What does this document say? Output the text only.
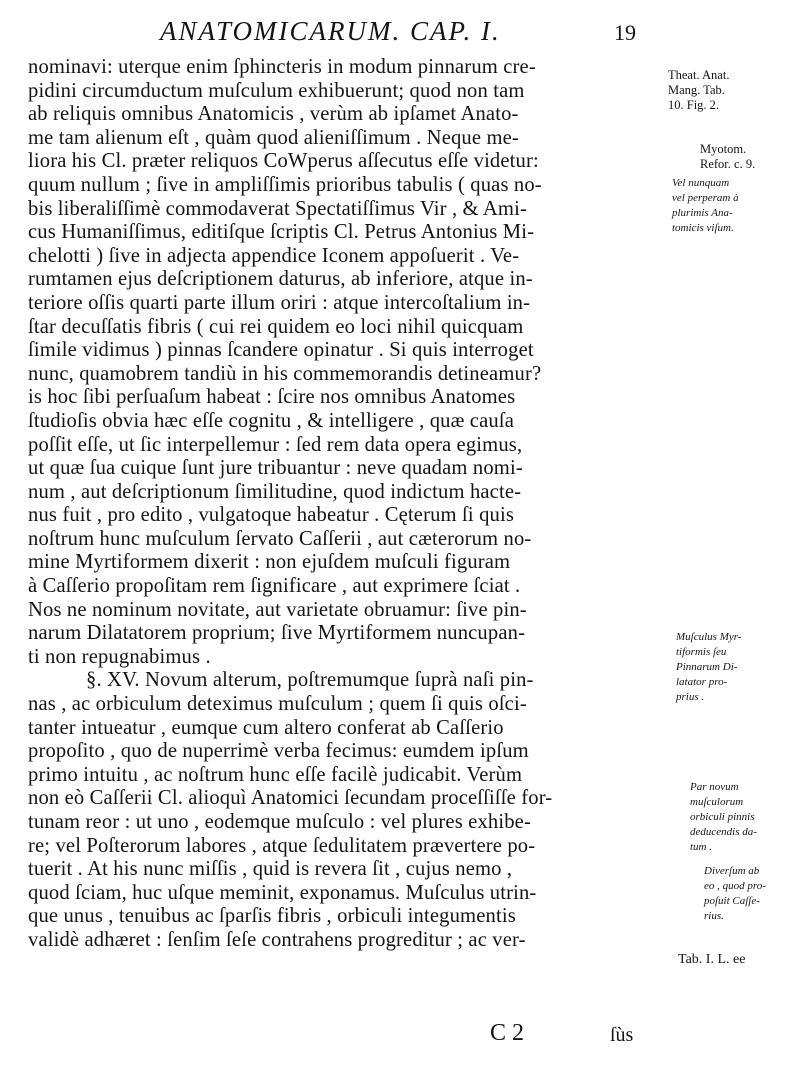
ANATOMICARUM. CAP. I.	19
nominavi: uterque enim ſphincteris in modum pinnarum cre-
pidini circumductum muſculum exhibuerunt; quod non tam
ab reliquis omnibus Anatomicis , verùm ab ipſamet Anato-
me tam alienum eſt , quàm quod alieniſſimum . Neque me-
liora his Cl. præter reliquos CoWperus aſſecutus eſſe videtur:
quum nullum ; ſive in ampliſſimis prioribus tabulis ( quas no-
bis liberaliſſimè commodaverat Spectatiſſimus Vir , & Ami-
cus Humaniſſimus, editiſque ſcriptis Cl. Petrus Antonius Mi-
chelotti ) ſive in adjecta appendice Iconem appoſuerit . Ve-
rumtamen ejus deſcriptionem daturus, ab inferiore, atque in-
teriore oſſis quarti parte illum oriri : atque intercoſtalium in-
ſtar decuſſatis fibris ( cui rei quidem eo loci nihil quicquam
ſimile vidimus ) pinnas ſcandere opinatur . Si quis interroget
nunc, quamobrem tandiù in his commemorandis detineamur?
is hoc ſibi perſuaſum habeat : ſcire nos omnibus Anatomes
ſtudioſis obvia hæc eſſe cognitu , & intelligere , quæ cauſa
poſſit eſſe, ut ſic interpellemur : ſed rem data opera egimus,
ut quæ ſua cuique ſunt jure tribuantur : neve quadam nomi-
num , aut deſcriptionum ſimilitudine, quod indictum hacte-
nus fuit , pro edito , vulgatoque habeatur . Cęterum ſi quis
noſtrum hunc muſculum ſervato Caſſerii , aut cæterorum no-
mine Myrtiformem dixerit : non ejuſdem muſculi figuram
à Caſſerio propoſitam rem ſignificare , aut exprimere ſciat .
Nos ne nominum novitate, aut varietate obruamur: ſive pin-
narum Dilatatorem proprium; ſive Myrtiformem nuncupan-
ti non repugnabimus .
§. XV. Novum alterum, poſtremumque ſuprà naſi pin-
nas , ac orbiculum deteximus muſculum ; quem ſi quis oſci-
tanter intueatur , eumque cum altero conferat ab Caſſerio
propoſito , quo de nuperrimè verba fecimus: eumdem ipſum
primo intuitu , ac noſtrum hunc eſſe facilè judicabit. Verùm
non eò Caſſerii Cl. alioquì Anatomici ſecundam proceſſiſſe for-
tunam reor : ut uno , eodemque muſculo : vel plures exhibe-
re; vel Poſterorum labores , atque ſedulitatem prævertere po-
tuerit . At his nunc miſſis , quid is revera ſit , cujus nemo ,
quod ſciam, huc uſque meminit, exponamus. Muſculus utrin-
que unus , tenuibus ac ſparſis fibris , orbiculi integumentis
validè adhæret : ſenſim ſeſe contrahens progreditur ; ac ver-
Theat. Anat.
Mang. Tab.
10. Fig. 2.
Myotom.
Refor. c. 9.
Vel nunquam
vel perperam à
plurimis Ana-
tomicis viſum.
Muſculus Myr-
tiformis ſeu
Pinnarum Di-
latator pro-
prius .
Par novum
muſculorum
orbiculi pinnis
deducendis da-
tum .
Diverſum ab
eo , quod pro-
poſuit Caſſe-
rius.
Tab. I. L. ee
C 2	ſùs
